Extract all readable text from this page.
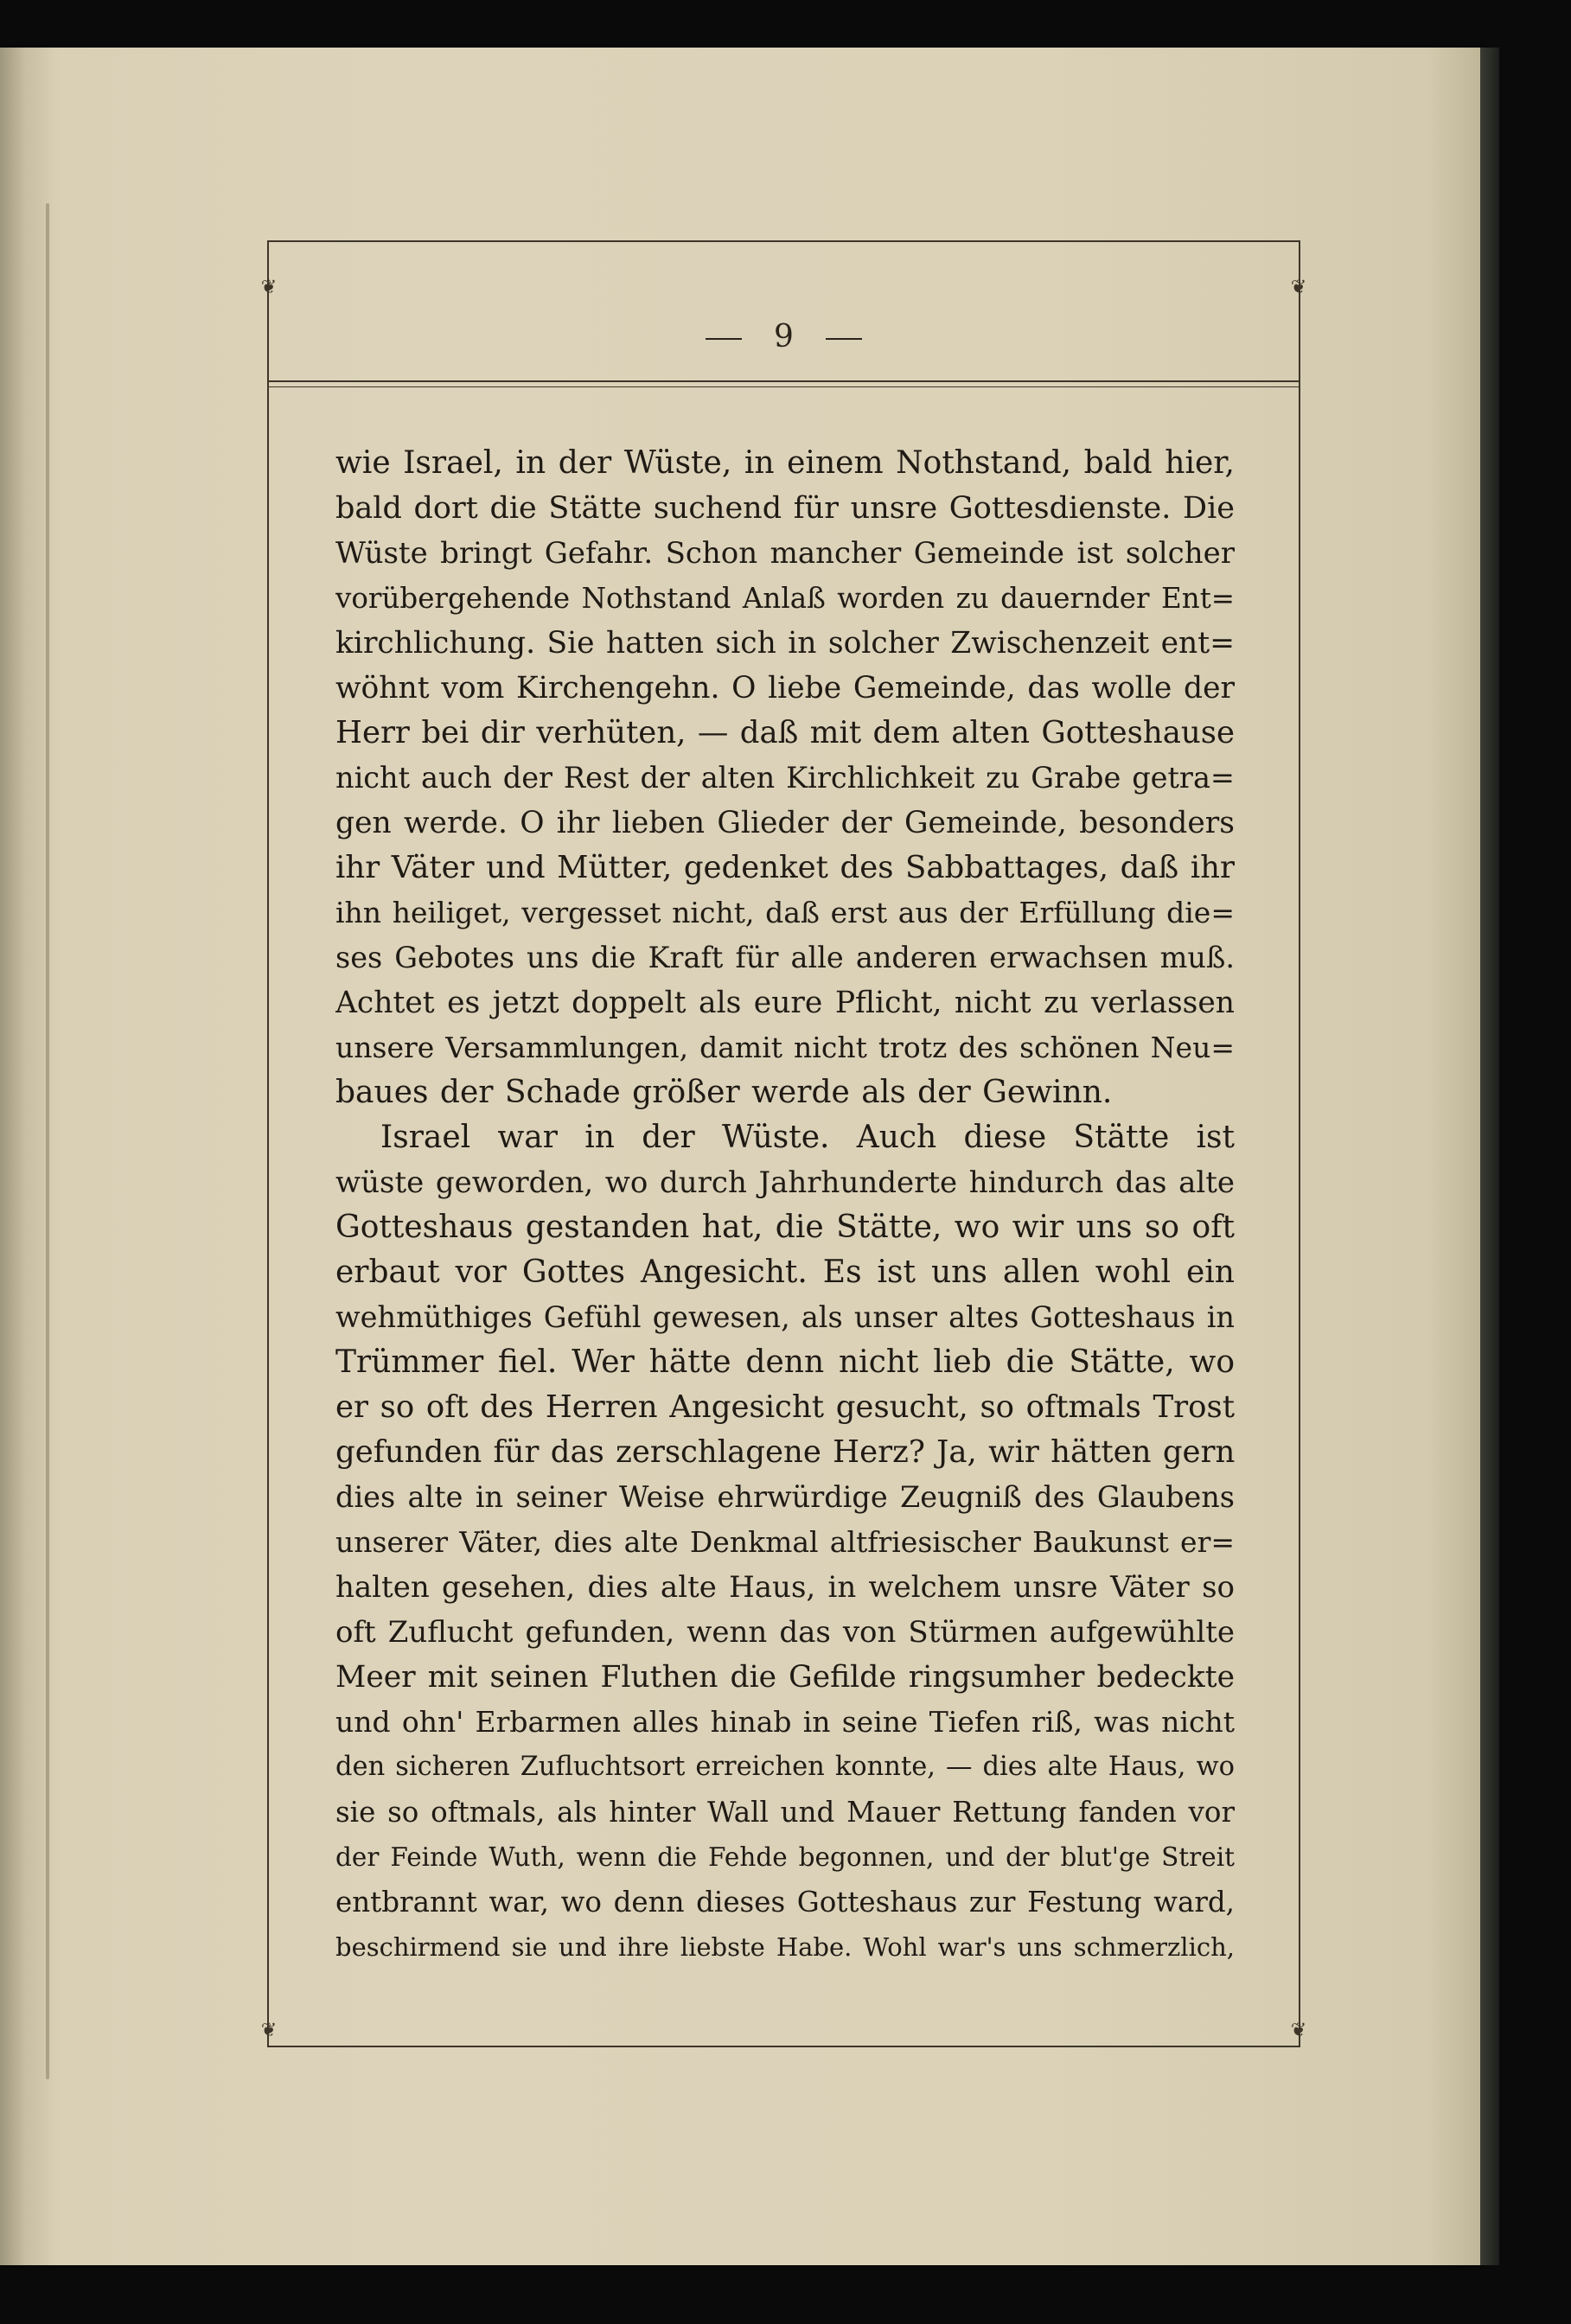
❦	❦
❦	❦
9
wie Israel, in der Wüste, in einem Nothstand, bald hier,
bald dort die Stätte suchend für unsre Gottesdienste. Die
Wüste bringt Gefahr. Schon mancher Gemeinde ist solcher
vorübergehende Nothstand Anlaß worden zu dauernder Ent=
kirchlichung. Sie hatten sich in solcher Zwischenzeit ent=
wöhnt vom Kirchengehn. O liebe Gemeinde, das wolle der
Herr bei dir verhüten, — daß mit dem alten Gotteshause
nicht auch der Rest der alten Kirchlichkeit zu Grabe getra=
gen werde. O ihr lieben Glieder der Gemeinde, besonders
ihr Väter und Mütter, gedenket des Sabbattages, daß ihr
ihn heiliget, vergesset nicht, daß erst aus der Erfüllung die=
ses Gebotes uns die Kraft für alle anderen erwachsen muß.
Achtet es jetzt doppelt als eure Pflicht, nicht zu verlassen
unsere Versammlungen, damit nicht trotz des schönen Neu=
baues der Schade größer werde als der Gewinn.
Israel war in der Wüste. Auch diese Stätte ist
wüste geworden, wo durch Jahrhunderte hindurch das alte
Gotteshaus gestanden hat, die Stätte, wo wir uns so oft
erbaut vor Gottes Angesicht. Es ist uns allen wohl ein
wehmüthiges Gefühl gewesen, als unser altes Gotteshaus in
Trümmer fiel. Wer hätte denn nicht lieb die Stätte, wo
er so oft des Herren Angesicht gesucht, so oftmals Trost
gefunden für das zerschlagene Herz? Ja, wir hätten gern
dies alte in seiner Weise ehrwürdige Zeugniß des Glaubens
unserer Väter, dies alte Denkmal altfriesischer Baukunst er=
halten gesehen, dies alte Haus, in welchem unsre Väter so
oft Zuflucht gefunden, wenn das von Stürmen aufgewühlte
Meer mit seinen Fluthen die Gefilde ringsumher bedeckte
und ohn' Erbarmen alles hinab in seine Tiefen riß, was nicht
den sicheren Zufluchtsort erreichen konnte, — dies alte Haus, wo
sie so oftmals, als hinter Wall und Mauer Rettung fanden vor
der Feinde Wuth, wenn die Fehde begonnen, und der blut'ge Streit
entbrannt war, wo denn dieses Gotteshaus zur Festung ward,
beschirmend sie und ihre liebste Habe. Wohl war's uns schmerzlich,
